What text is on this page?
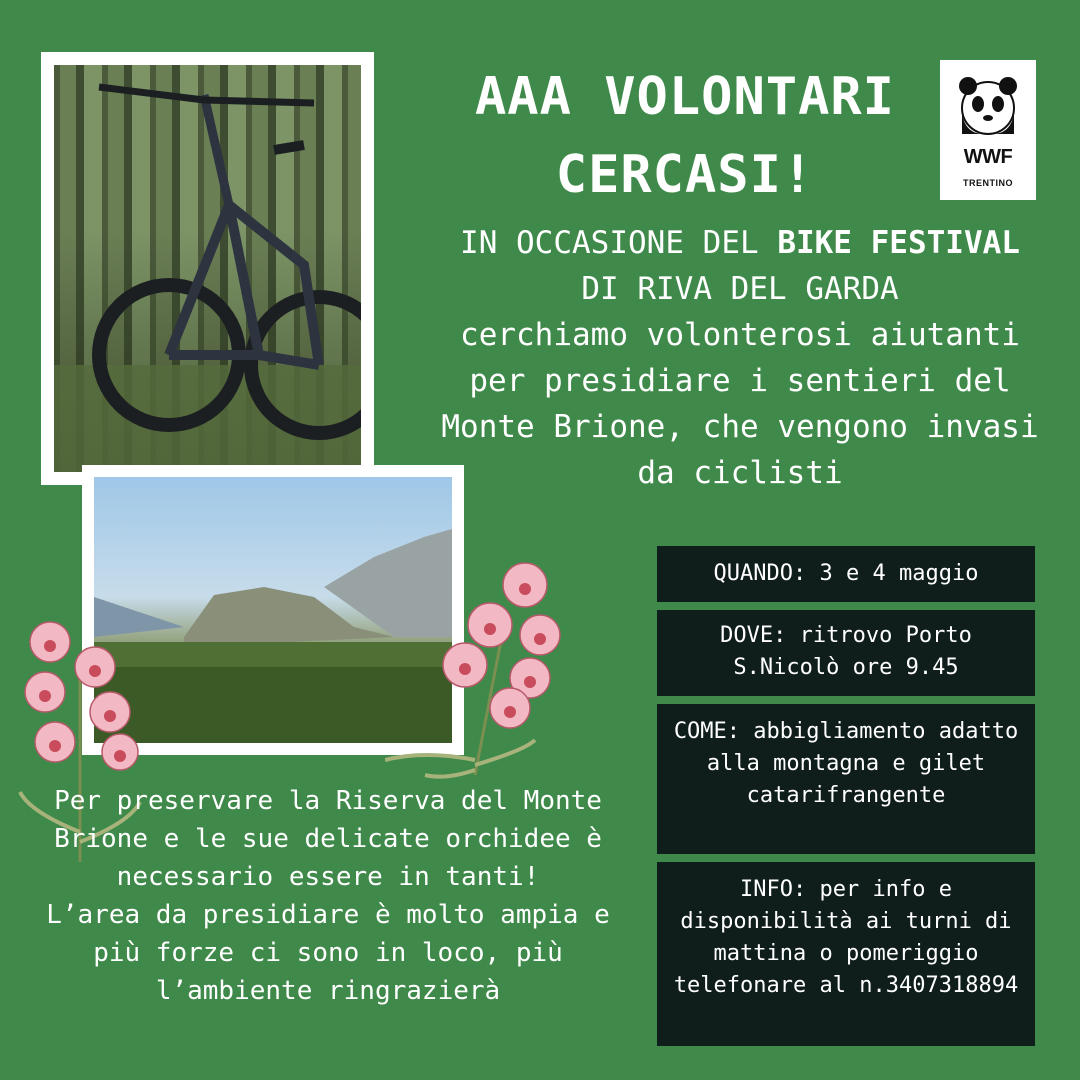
AAA VOLONTARI
CERCASI!	WWF
TRENTINO
IN OCCASIONE DEL BIKE FESTIVAL DI RIVA DEL GARDA
cerchiamo volonterosi aiutanti per presidiare i sentieri del Monte Brione, che vengono invasi da ciclisti
QUANDO: 3 e 4 maggio
DOVE: ritrovo Porto S.Nicolò ore 9.45
COME: abbigliamento adatto alla montagna e gilet catarifrangente
INFO: per info e disponibilità ai turni di mattina o pomeriggio telefonare al n.3407318894
Per preservare la Riserva del Monte Brione e le sue delicate orchidee è necessario essere in tanti!
L’area da presidiare è molto ampia e più forze ci sono in loco, più l’ambiente ringrazierà
